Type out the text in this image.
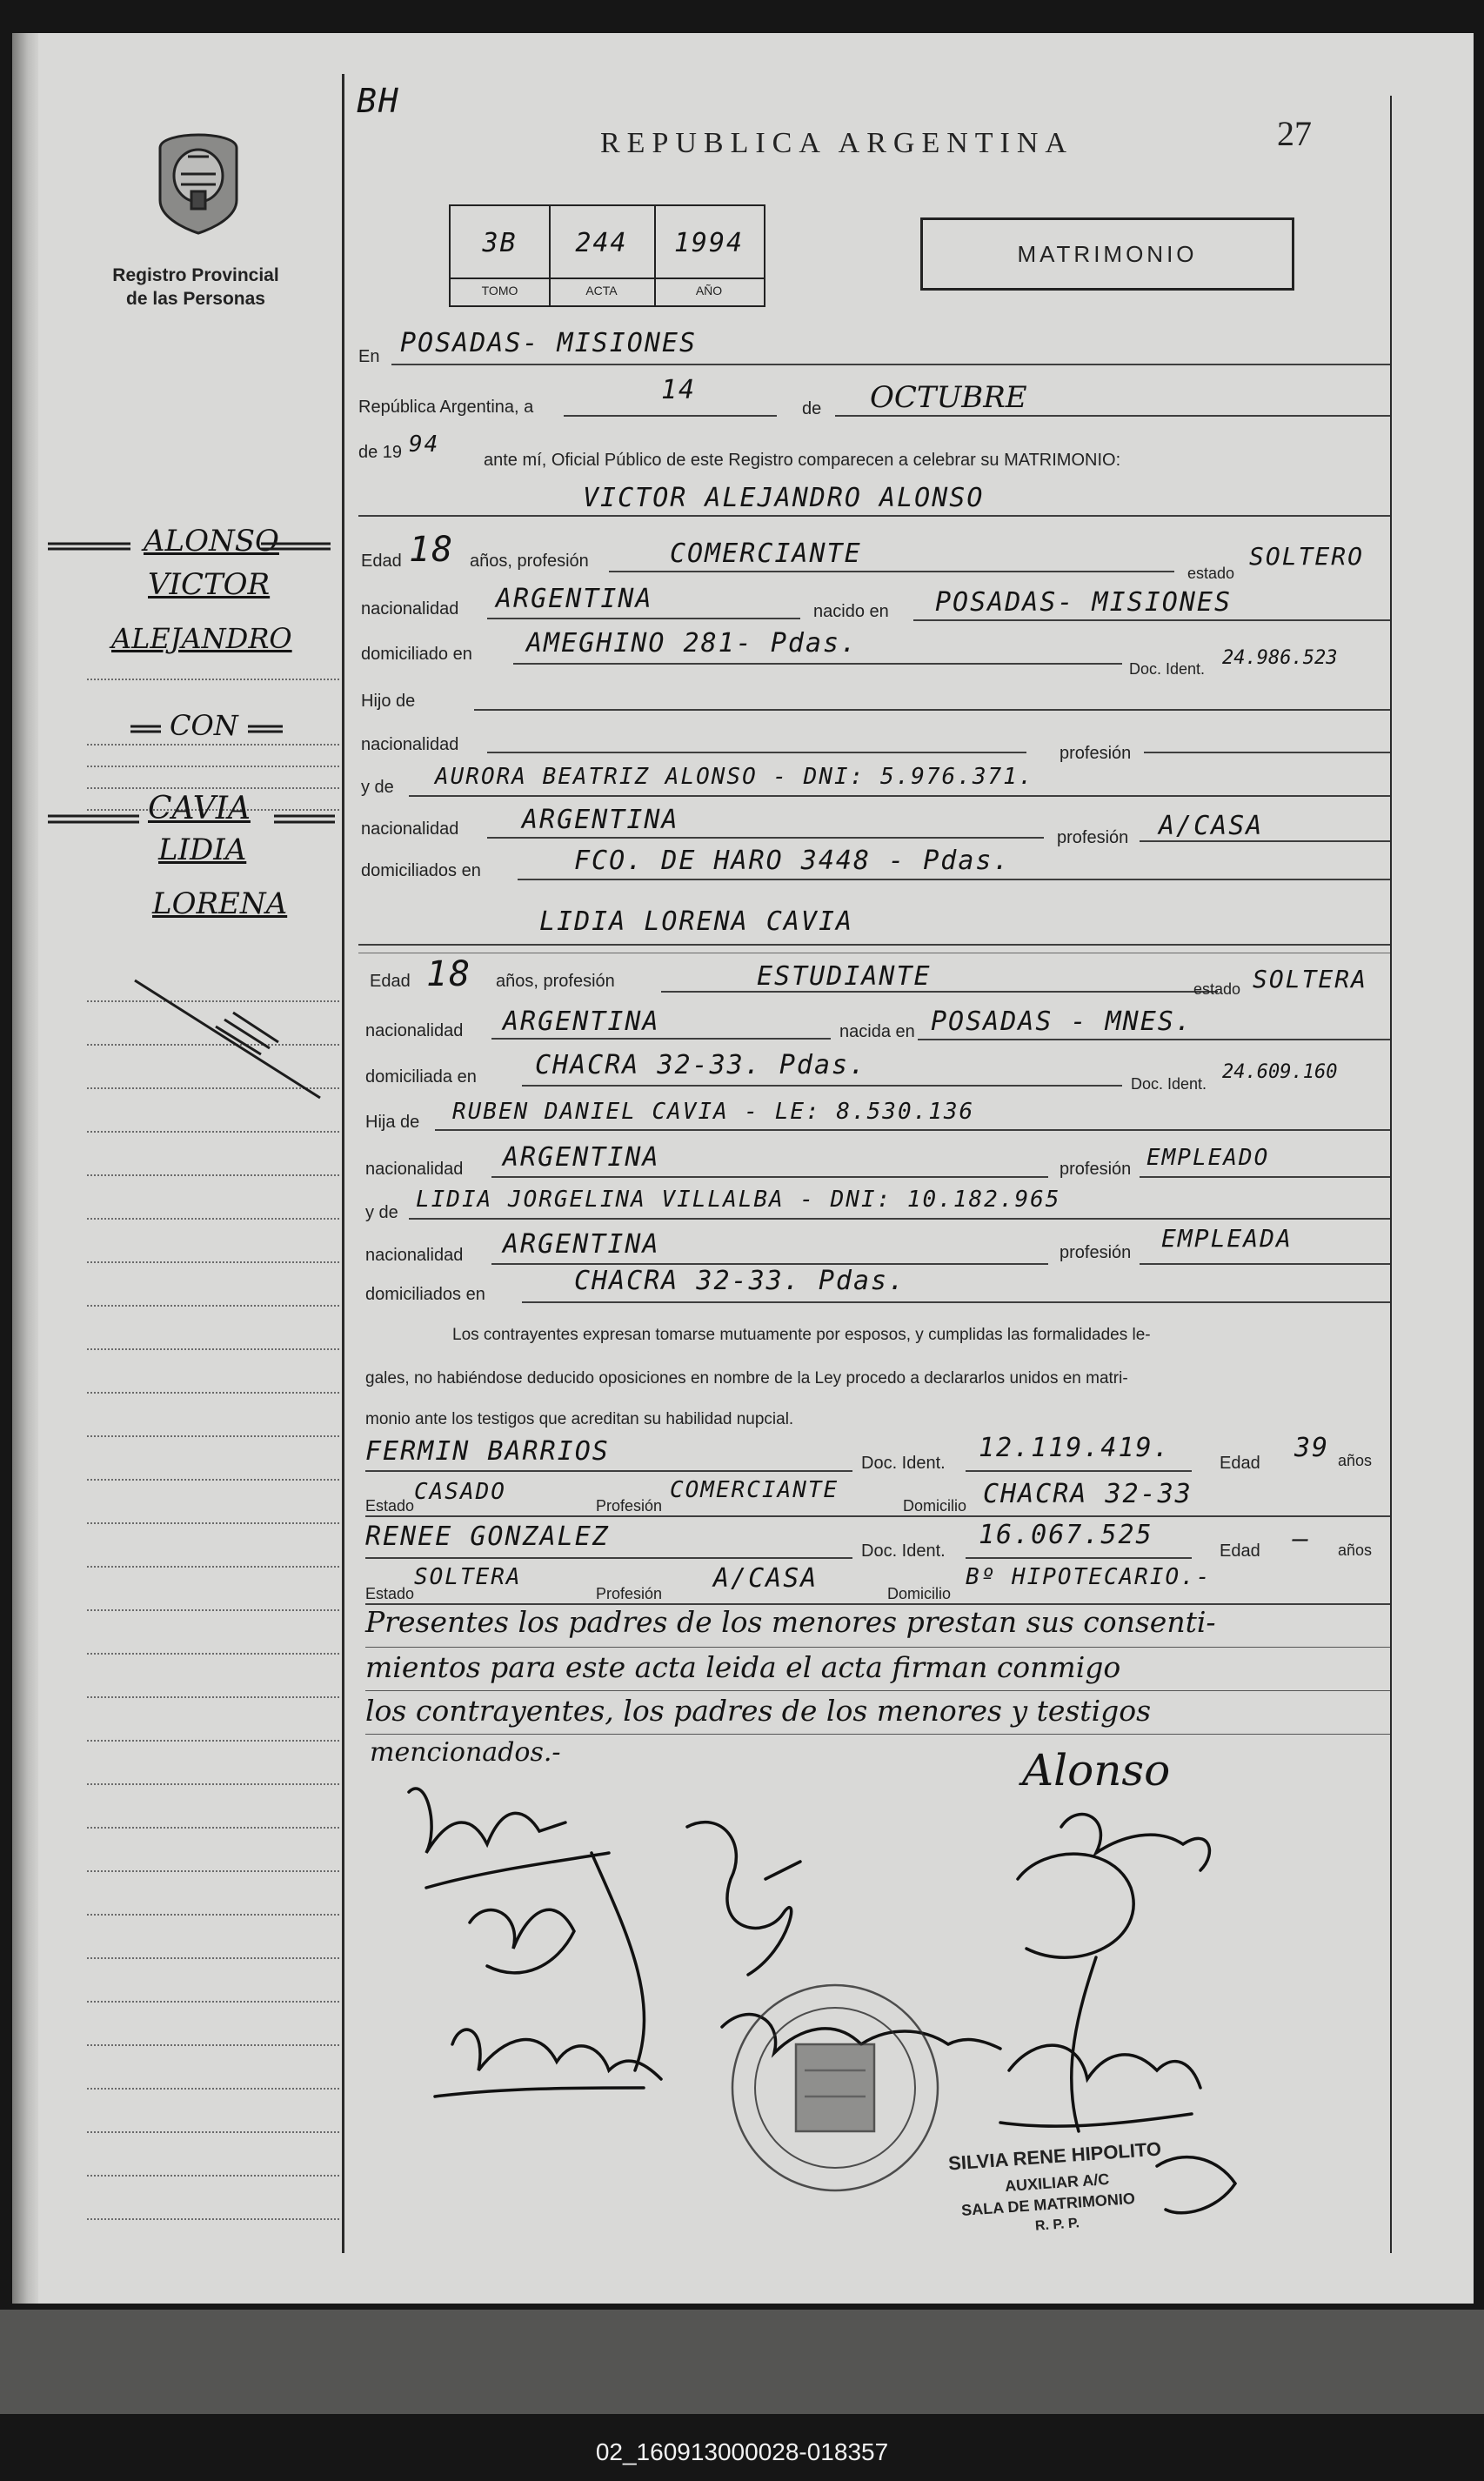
Registro Provincial
de las Personas
BH
REPUBLICA ARGENTINA	27
3B	244	1994
TOMO	ACTA	AÑO
MATRIMONIO
En POSADAS- MISIONES
República Argentina, a
14
de OCTUBRE
de 19 94
ante mí, Oficial Público de este Registro comparecen a celebrar su MATRIMONIO:
VICTOR ALEJANDRO ALONSO
Edad 18 años, profesión	COMERCIANTE
estado
SOLTERO
nacionalidad ARGENTINA	nacido en POSADAS- MISIONES
domiciliado en AMEGHINO 281- Pdas.
Doc. Ident. 24.986.523
Hijo de
nacionalidad	profesión
y de AURORA BEATRIZ ALONSO - DNI: 5.976.371.
nacionalidad ARGENTINA
profesión A/CASA
domiciliados en	FCO. DE HARO 3448 - Pdas.
LIDIA LORENA CAVIA
Edad 18 años, profesión	ESTUDIANTE	estado SOLTERA
nacionalidad ARGENTINA	nacida en POSADAS - MNES.
domiciliada en CHACRA 32-33. Pdas.
Doc. Ident.
24.609.160
Hija de RUBEN DANIEL CAVIA - LE: 8.530.136
nacionalidad ARGENTINA	profesión EMPLEADO
y de LIDIA JORGELINA VILLALBA - DNI: 10.182.965
nacionalidad ARGENTINA	profesión EMPLEADA
domiciliados en	CHACRA 32-33. Pdas.
Los contrayentes expresan tomarse mutuamente por esposos, y cumplidas las formalidades le-
gales, no habiéndose deducido oposiciones en nombre de la Ley procedo a declararlos unidos en matri-
monio ante los testigos que acreditan su habilidad nupcial.
FERMIN BARRIOS	Doc. Ident. 12.119.419.	Edad 39 años
Estado
CASADO
Profesión
COMERCIANTE
Domicilio CHACRA 32-33
RENEE GONZALEZ	Doc. Ident.
16.067.525
Edad — años
Estado
SOLTERA
Profesión A/CASA	Domicilio
Bº HIPOTECARIO.-
Presentes los padres de los menores prestan sus consenti-
mientos para este acta leida el acta firman conmigo
los contrayentes, los padres de los menores y testigos
mencionados.-
ALONSO
VICTOR
ALEJANDRO
CON
CAVIA
LIDIA
LORENA
Alonso
SILVIA RENE HIPOLITO
AUXILIAR A/C
SALA DE MATRIMONIO
R. P. P.
02_160913000028-018357
